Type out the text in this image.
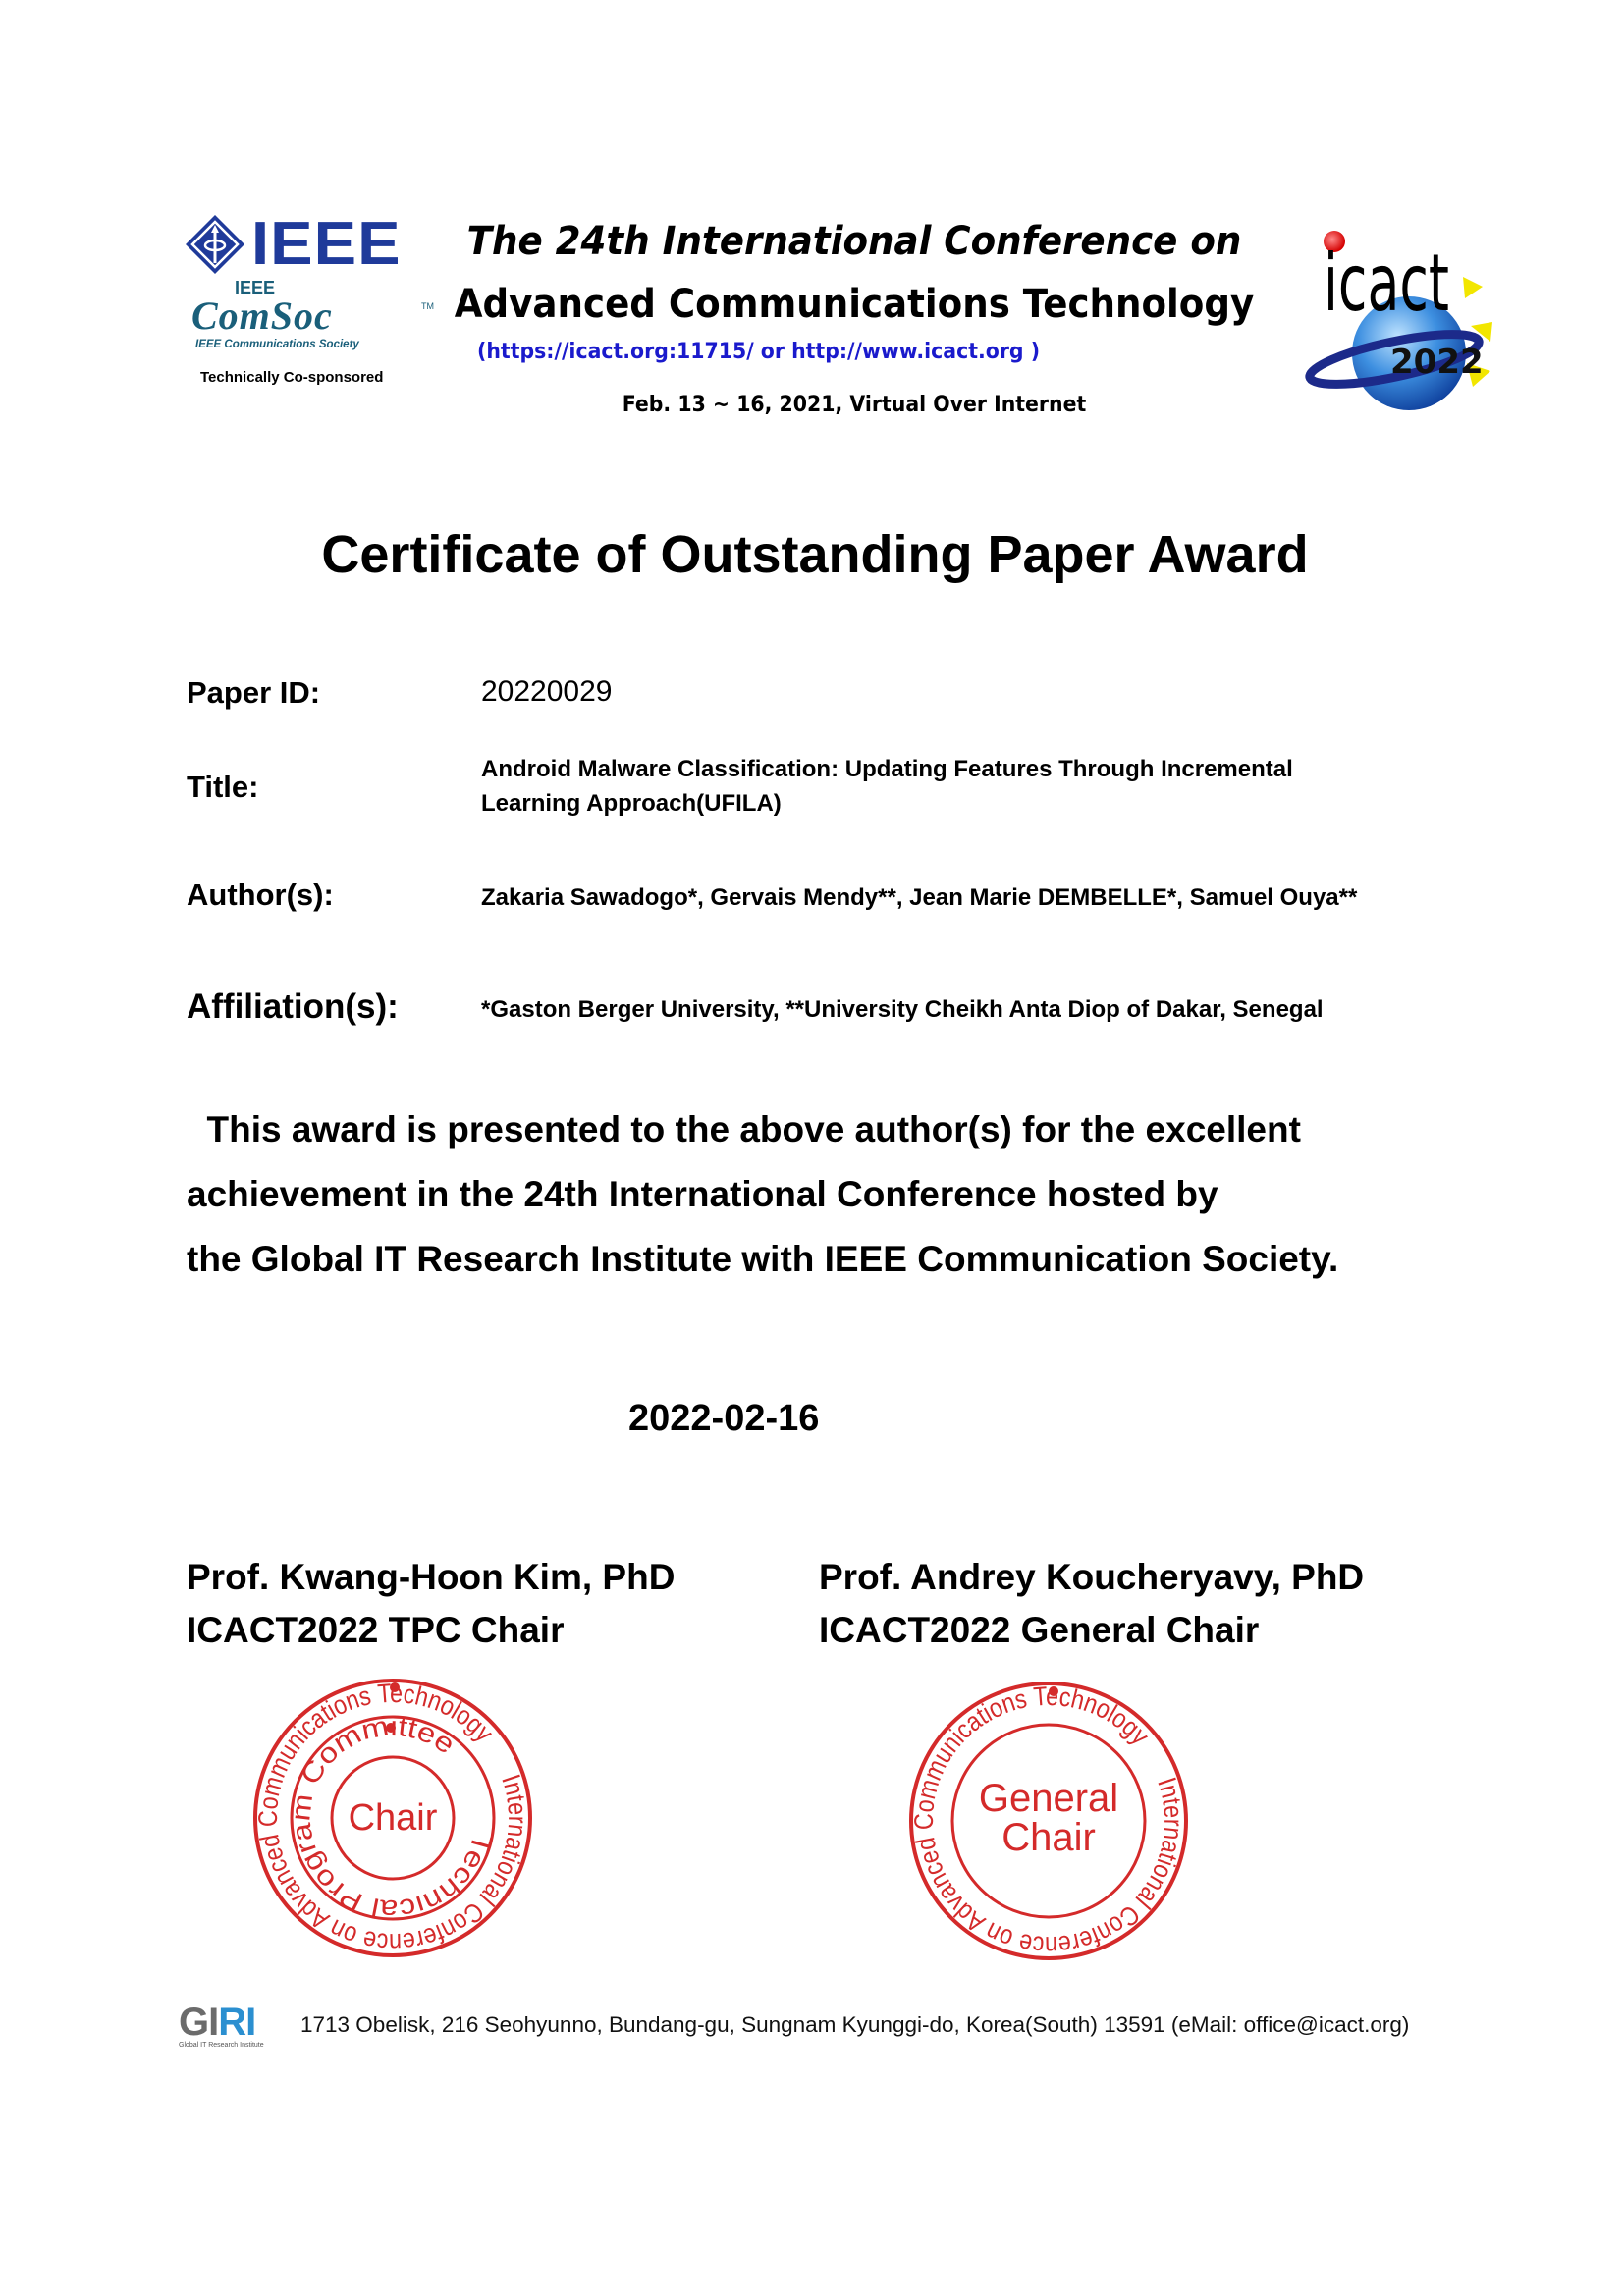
IEEE
IEEE
ComSoc	TM
IEEE Communications Society
Technically Co-sponsored
The 24th International Conference on
Advanced Communications Technology
(https://icact.org:11715/ or http://www.icact.org )
Feb. 13 ~ 16, 2021, Virtual Over Internet
icact
2022
Certificate of Outstanding Paper Award
Paper ID:	20220029
Title:
Android Malware Classification: Updating Features Through Incremental
Learning Approach(UFILA)
Author(s):	Zakaria Sawadogo*, Gervais Mendy**, Jean Marie DEMBELLE*, Samuel Ouya**
Affiliation(s):	*Gaston Berger University, **University Cheikh Anta Diop of Dakar, Senegal
This award is presented to the above author(s) for the excellent
achievement in the 24th International Conference hosted by
the Global IT Research Institute with IEEE Communication Society.
2022-02-16
Prof. Kwang-Hoon Kim, PhD
ICACT2022 TPC Chair
Prof. Andrey Koucheryavy, PhD
ICACT2022 General Chair
International Conference on Advanced Communications Technology
Technical Program Comm ttee
Chair
International Conference on Advanced Communications Technology
General
Chair
GIRI
Global IT Research Institute
1713 Obelisk, 216 Seohyunno, Bundang-gu, Sungnam Kyunggi-do, Korea(South) 13591 (eMail: office@icact.org)
